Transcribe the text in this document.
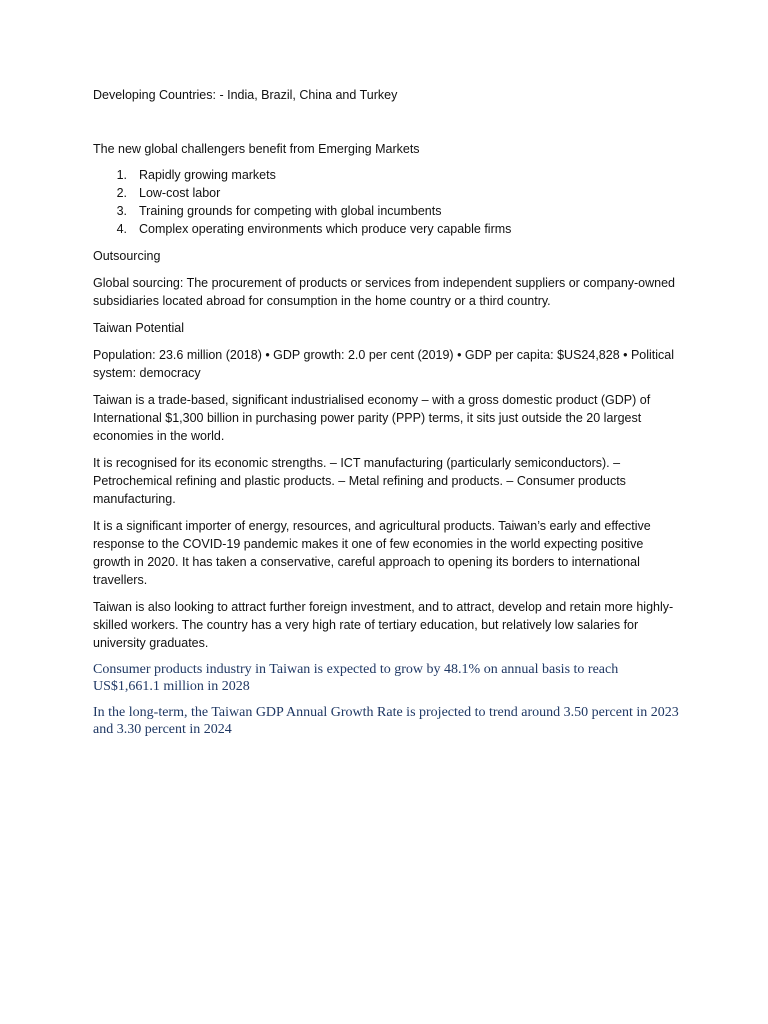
Developing Countries: - India, Brazil, China and Turkey

The new global challengers benefit from Emerging Markets

1. Rapidly growing markets
2. Low-cost labor
3. Training grounds for competing with global incumbents
4. Complex operating environments which produce very capable firms

Outsourcing

Global sourcing: The procurement of products or services from independent suppliers or company-owned subsidiaries located abroad for consumption in the home country or a third country.

Taiwan Potential

Population: 23.6 million (2018) • GDP growth: 2.0 per cent (2019) • GDP per capita: $US24,828 • Political system: democracy

Taiwan is a trade-based, significant industrialised economy – with a gross domestic product (GDP) of International $1,300 billion in purchasing power parity (PPP) terms, it sits just outside the 20 largest economies in the world.

It is recognised for its economic strengths. – ICT manufacturing (particularly semiconductors). – Petrochemical refining and plastic products. – Metal refining and products. – Consumer products manufacturing.

It is a significant importer of energy, resources, and agricultural products. Taiwan’s early and effective response to the COVID-19 pandemic makes it one of few economies in the world expecting positive growth in 2020. It has taken a conservative, careful approach to opening its borders to international travellers.

Taiwan is also looking to attract further foreign investment, and to attract, develop and retain more highly-skilled workers. The country has a very high rate of tertiary education, but relatively low salaries for university graduates.

Consumer products industry in Taiwan is expected to grow by 48.1% on annual basis to reach US$1,661.1 million in 2028

In the long-term, the Taiwan GDP Annual Growth Rate is projected to trend around 3.50 percent in 2023 and 3.30 percent in 2024
